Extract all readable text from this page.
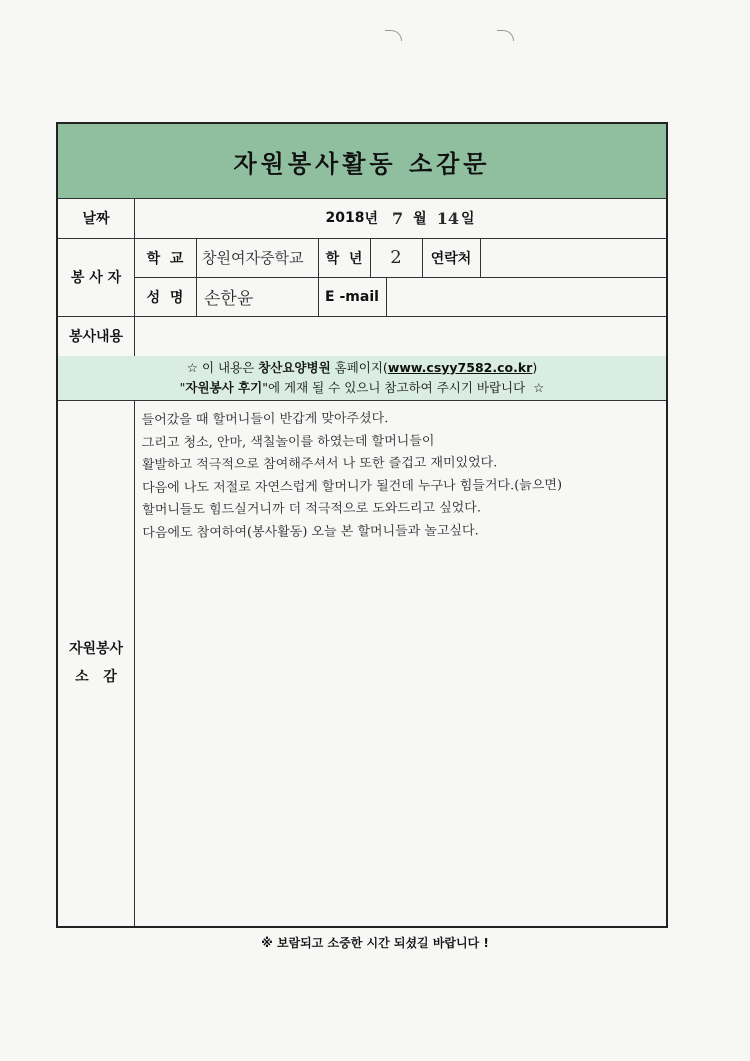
자원봉사활동 소감문
날짜	2018 년 7 월 14 일
봉 사 자
학  교	창원여자중학교	학  년	2	연락처
성  명	손한윤	E -mail
봉사내용
☆ 이 내용은 창산요양병원 홈페이지(www.csyy7582.co.kr)
"자원봉사 후기"에 게재 될 수 있으니 참고하여 주시기 바랍니다  ☆
자원봉사
소   감
들어갔을 때 할머니들이 반갑게 맞아주셨다.
그리고 청소, 안마, 색칠놀이를 하였는데 할머니들이
활발하고 적극적으로 참여해주셔서 나 또한 즐겁고 재미있었다.
다음에 나도 저절로 자연스럽게 할머니가 될건데 누구나 힘들거다.(늙으면)
할머니들도 힘드실거니까 더 적극적으로 도와드리고 싶었다.
다음에도 참여하여(봉사활동) 오늘 본 할머니들과 놀고싶다.
※ 보람되고 소중한 시간 되셨길 바랍니다 !
